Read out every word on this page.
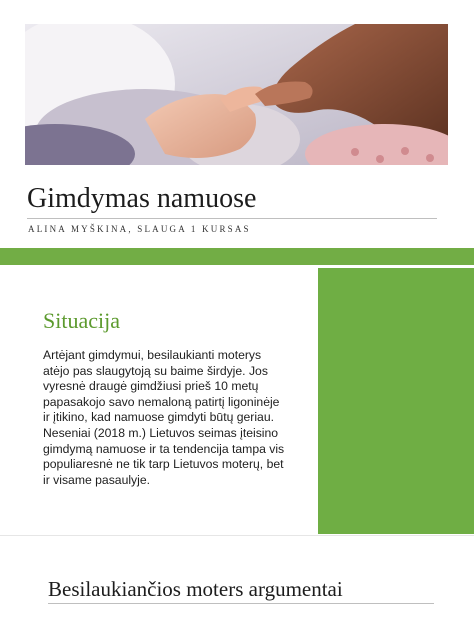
Gimdymas namuose
ALINA MYŠKINA, SLAUGA 1 KURSAS
Situacija
Artėjant gimdymui, besilaukianti moterys
atėjo pas slaugytoją su baime širdyje. Jos
vyresnė draugė gimdžiusi prieš 10 metų
papasakojo savo nemaloną patirtį ligoninėje
ir įtikino, kad namuose gimdyti būtų geriau.
Neseniai (2018 m.) Lietuvos seimas įteisino
gimdymą namuose ir ta tendencija tampa vis
populiaresnė ne tik tarp Lietuvos moterų, bet
ir visame pasaulyje.
Besilaukiančios moters argumentai
